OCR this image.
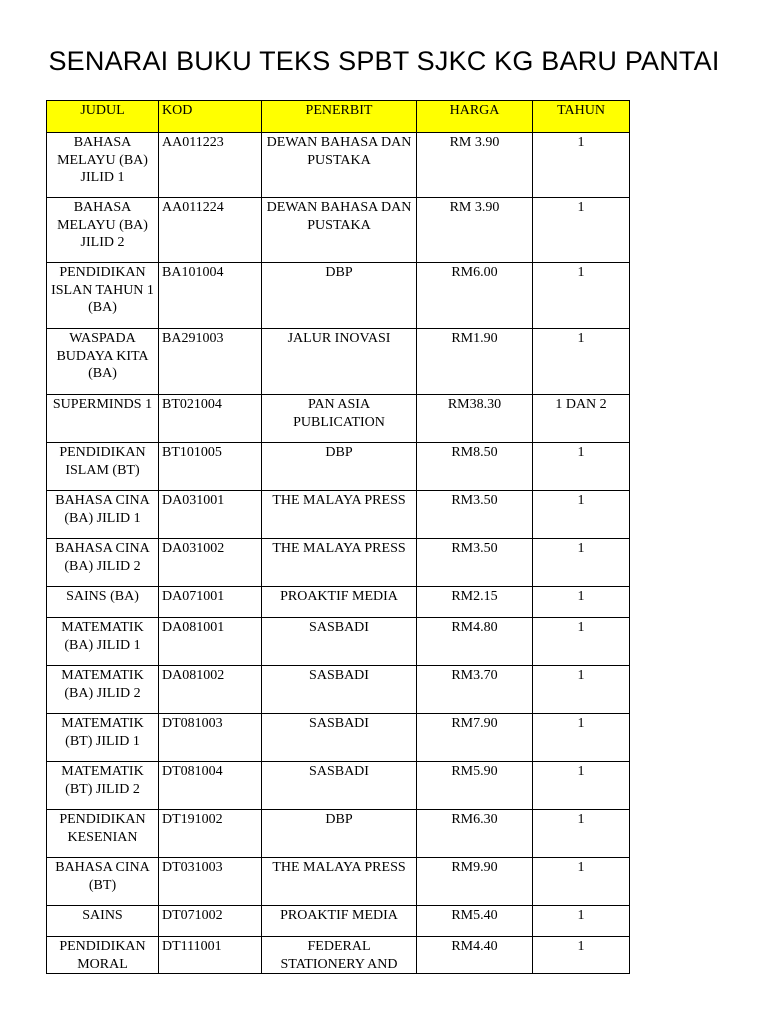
SENARAI BUKU TEKS SPBT SJKC KG BARU PANTAI
JUDUL	KOD	PENERBIT	HARGA	TAHUN
BAHASA MELAYU (BA) JILID 1	AA011223	DEWAN BAHASA DAN PUSTAKA	RM 3.90	1
BAHASA MELAYU (BA) JILID 2	AA011224	DEWAN BAHASA DAN PUSTAKA	RM 3.90	1
PENDIDIKAN ISLAN TAHUN 1 (BA)	BA101004	DBP	RM6.00	1
WASPADA BUDAYA KITA (BA)	BA291003	JALUR INOVASI	RM1.90	1
SUPERMINDS 1	BT021004	PAN ASIA PUBLICATION	RM38.30	1 DAN 2
PENDIDIKAN ISLAM (BT)	BT101005	DBP	RM8.50	1
BAHASA CINA (BA) JILID 1	DA031001	THE MALAYA PRESS	RM3.50	1
BAHASA CINA (BA) JILID 2	DA031002	THE MALAYA PRESS	RM3.50	1
SAINS (BA)	DA071001	PROAKTIF MEDIA	RM2.15	1
MATEMATIK (BA) JILID 1	DA081001	SASBADI	RM4.80	1
MATEMATIK (BA) JILID 2	DA081002	SASBADI	RM3.70	1
MATEMATIK (BT) JILID 1	DT081003	SASBADI	RM7.90	1
MATEMATIK (BT) JILID 2	DT081004	SASBADI	RM5.90	1
PENDIDIKAN KESENIAN	DT191002	DBP	RM6.30	1
BAHASA CINA (BT)	DT031003	THE MALAYA PRESS	RM9.90	1
SAINS	DT071002	PROAKTIF MEDIA	RM5.40	1
PENDIDIKAN MORAL	DT111001	FEDERAL STATIONERY AND	RM4.40	1
